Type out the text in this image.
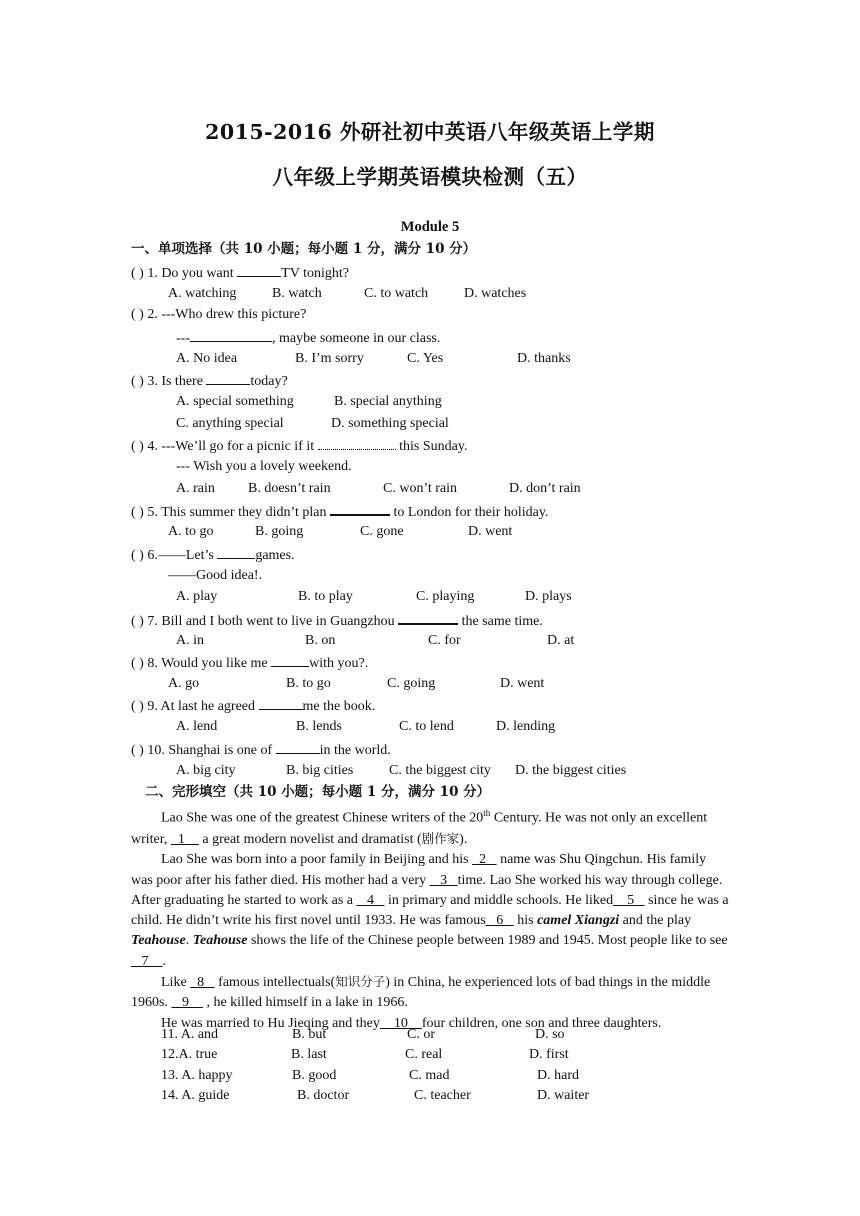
2015-2016 外研社初中英语八年级英语上学期
八年级上学期英语模块检测（五）
Module 5
一、单项选择（共 10 小题；每小题 1 分，满分 10 分）
( ) 1. Do you want	TV tonight?
A. watching	B. watch	C. to watch	D. watches
( ) 2. ---Who drew this picture?
---	, maybe someone in our class.
A. No idea	B. I’m sorry	C. Yes	D. thanks
( ) 3. Is there	today?
A. special something	B. special anything
C. anything special	D. something special
( ) 4. ---We’ll go for a picnic if it	this Sunday.
--- Wish you a lovely weekend.
A. rain B. doesn’t rain	C. won’t rain	D. don’t rain
( ) 5. This summer they didn’t plan	to London for their holiday.
A. to go	B. going	C. gone	D. went
( ) 6.——Let’s	games.
——Good idea!.
A. play	B. to play	C. playing	D. plays
( ) 7. Bill and I both went to live in Guangzhou	the same time.
A. in	B. on	C. for	D. at
( ) 8. Would you like me	with you?.
A. go	B. to go	C. going	D. went
( ) 9. At last he agreed	me the book.
A. lend	B. lends	C. to lend	D. lending
( ) 10. Shanghai is one of	in the world.
A. big city	B. big cities	C. the biggest city D. the biggest cities
二、完形填空（共 10 小题；每小题 1 分，满分 10 分）

Lao She was one of the greatest Chinese writers of the 20th Century. He was not only an excellent writer,   1     a great modern novelist and dramatist (剧作家).

Lao She was born into a poor family in Beijing and his   2    name was Shu Qingchun. His family was poor after his father died. His mother had a very    3   time. Lao She worked his way through college. After graduating he started to work as a    4    in primary and middle schools. He liked    5    since he was a child. He didn’t write his first novel until 1933. He was famous   6    his camel Xiangzi and the play Teahouse. Teahouse shows the life of the Chinese people between 1989 and 1945. Most people like to see    7    .

Like   8    famous intellectuals(知识分子) in China, he experienced lots of bad things in the middle 1960s.    9     , he killed himself in a lake in 1966.

He was married to Hu Jieqing and they    10    four children, one son and three daughters.

11. A. and	B. but	C. or	D. so
12.A. true	B. last	C. real	D. first
13. A. happy	B. good	C. mad	D. hard
14. A. guide	B. doctor	C. teacher	D. waiter
